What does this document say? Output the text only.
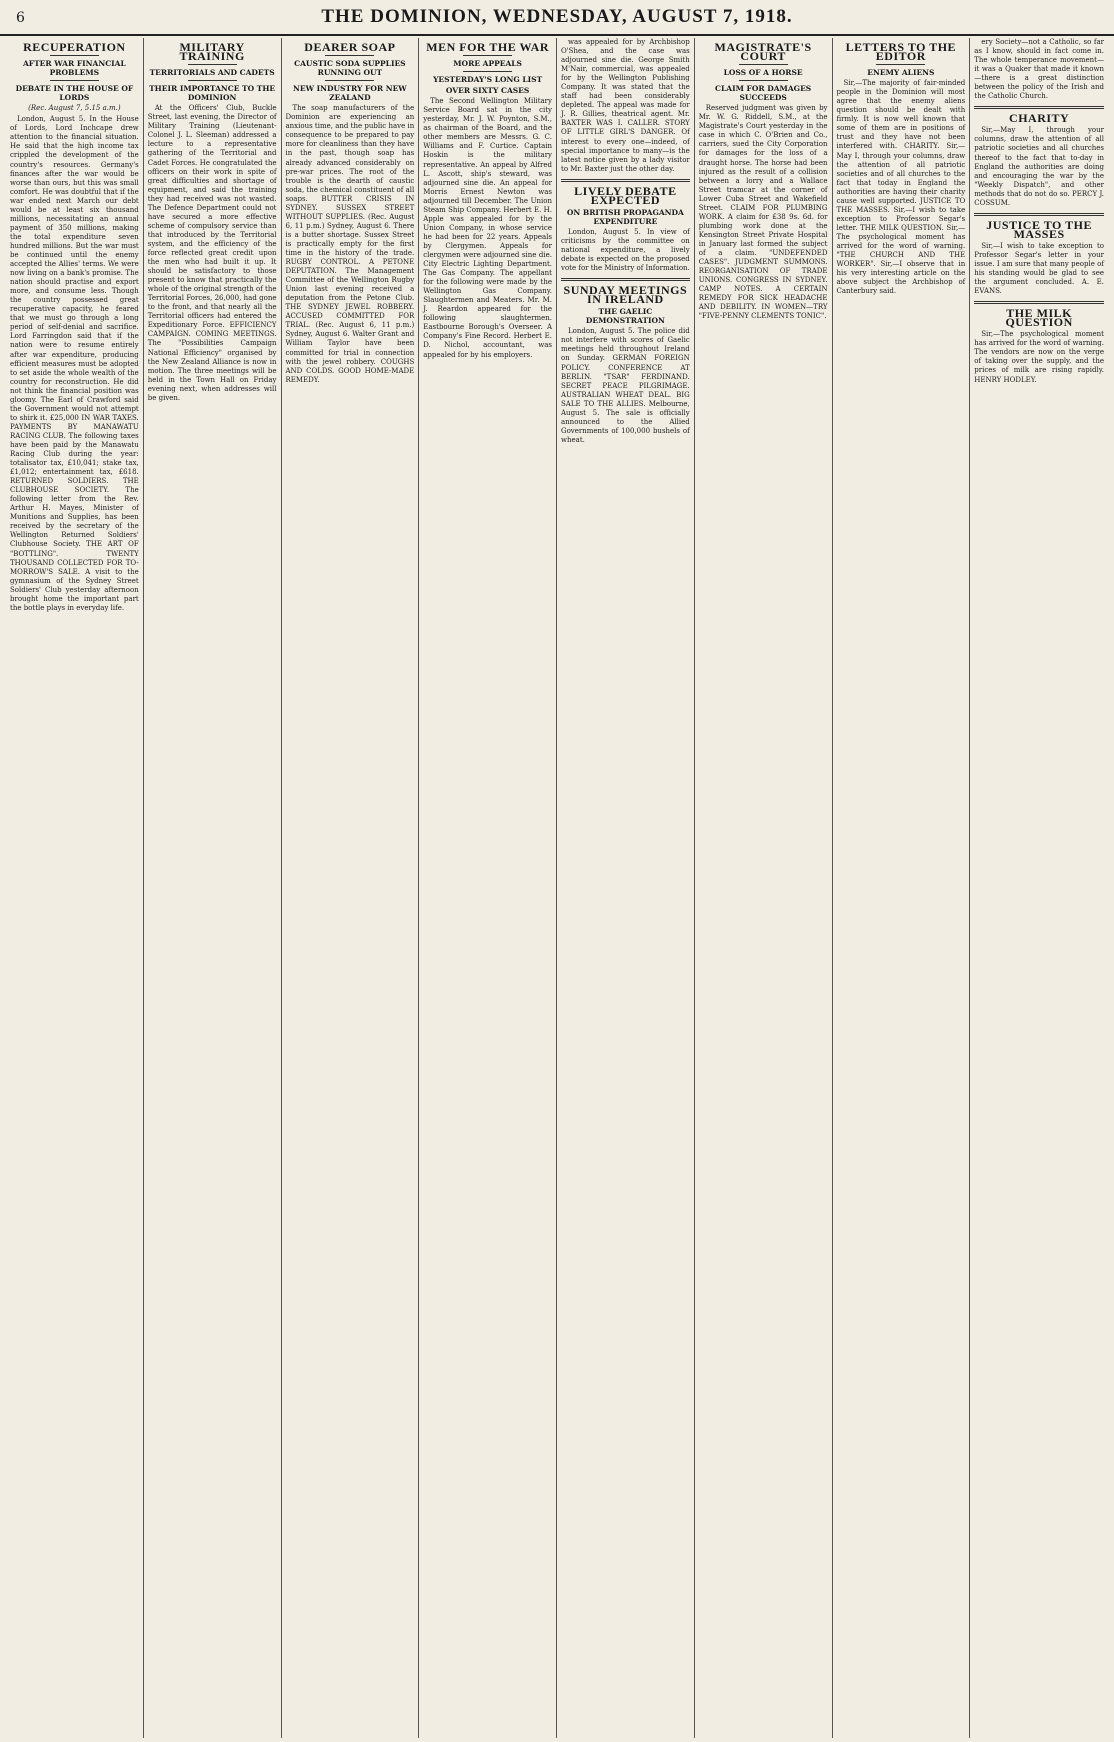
6	THE DOMINION, WEDNESDAY, AUGUST 7, 1918.
RECUPERATION
AFTER WAR FINANCIAL PROBLEMS
DEBATE IN THE HOUSE OF LORDS
(Rec. August 7, 5.15 a.m.)

London, August 5. In the House of Lords, Lord Inchcape drew attention to the financial situation. He said that the high income tax crippled the development of the country's resources. Germany's finances after the war would be worse than ours, but this was small comfort. He was doubtful that if the war ended next March our debt would be at least six thousand millions, necessitating an annual payment of 350 millions, making the total expenditure seven hundred millions. But the war must be continued until the enemy accepted the Allies' terms. We were now living on a bank's promise. The nation should practise and export more, and consume less. Though the country possessed great recuperative capacity, he feared that we must go through a long period of self-denial and sacrifice. Lord Farringdon said that if the nation were to resume entirely after war expenditure, producing efficient measures must be adopted to set aside the whole wealth of the country for reconstruction. He did not think the financial position was gloomy. The Earl of Crawford said the Government would not attempt to shirk it. £25,000 IN WAR TAXES. PAYMENTS BY MANAWATU RACING CLUB. The following taxes have been paid by the Manawatu Racing Club during the year: totalisator tax, £10,041; stake tax, £1,012; entertainment tax, £618. RETURNED SOLDIERS. THE CLUBHOUSE SOCIETY. The following letter from the Rev. Arthur H. Mayes, Minister of Munitions and Supplies, has been received by the secretary of the Wellington Returned Soldiers' Clubhouse Society. THE ART OF "BOTTLING". TWENTY THOUSAND COLLECTED FOR TO-MORROW'S SALE. A visit to the gymnasium of the Sydney Street Soldiers' Club yesterday afternoon brought home the important part the bottle plays in everyday life.

MILITARY TRAINING
TERRITORIALS AND CADETS
THEIR IMPORTANCE TO THE DOMINION

At the Officers' Club, Buckle Street, last evening, the Director of Military Training (Lieutenant-Colonel J. L. Sleeman) addressed a lecture to a representative gathering of the Territorial and Cadet Forces. He congratulated the officers on their work in spite of great difficulties and shortage of equipment, and said the training they had received was not wasted. The Defence Department could not have secured a more effective scheme of compulsory service than that introduced by the Territorial system, and the efficiency of the force reflected great credit upon the men who had built it up. It should be satisfactory to those present to know that practically the whole of the original strength of the Territorial Forces, 26,000, had gone to the front, and that nearly all the Territorial officers had entered the Expeditionary Force. EFFICIENCY CAMPAIGN. COMING MEETINGS. The "Possibilities Campaign National Efficiency" organised by the New Zealand Alliance is now in motion. The three meetings will be held in the Town Hall on Friday evening next, when addresses will be given.

DEARER SOAP
CAUSTIC SODA SUPPLIES RUNNING OUT
NEW INDUSTRY FOR NEW ZEALAND

The soap manufacturers of the Dominion are experiencing an anxious time, and the public have in consequence to be prepared to pay more for cleanliness than they have in the past, though soap has already advanced considerably on pre-war prices. The root of the trouble is the dearth of caustic soda, the chemical constituent of all soaps. BUTTER CRISIS IN SYDNEY. SUSSEX STREET WITHOUT SUPPLIES. (Rec. August 6, 11 p.m.) Sydney, August 6. There is a butter shortage. Sussex Street is practically empty for the first time in the history of the trade. RUGBY CONTROL. A PETONE DEPUTATION. The Management Committee of the Wellington Rugby Union last evening received a deputation from the Petone Club. THE SYDNEY JEWEL ROBBERY. ACCUSED COMMITTED FOR TRIAL. (Rec. August 6, 11 p.m.) Sydney, August 6. Walter Grant and William Taylor have been committed for trial in connection with the jewel robbery. COUGHS AND COLDS. GOOD HOME-MADE REMEDY.

MEN FOR THE WAR
MORE APPEALS
YESTERDAY'S LONG LIST
OVER SIXTY CASES

The Second Wellington Military Service Board sat in the city yesterday, Mr. J. W. Poynton, S.M., as chairman of the Board, and the other members are Messrs. G. C. Williams and F. Curtice. Captain Hoskin is the military representative. An appeal by Alfred L. Ascott, ship's steward, was adjourned sine die. An appeal for Morris Ernest Newton was adjourned till December. The Union Steam Ship Company. Herbert E. H. Apple was appealed for by the Union Company, in whose service he had been for 22 years. Appeals by Clergymen. Appeals for clergymen were adjourned sine die. City Electric Lighting Department. The Gas Company. The appellant for the following were made by the Wellington Gas Company. Slaughtermen and Meaters. Mr. M. J. Reardon appeared for the following slaughtermen. Eastbourne Borough's Overseer. A Company's Fine Record. Herbert E. D. Nichol, accountant, was appealed for by his employers.

was appealed for by Archbishop O'Shea, and the case was adjourned sine die. George Smith M'Nair, commercial, was appealed for by the Wellington Publishing Company. It was stated that the staff had been considerably depleted. The appeal was made for J. R. Gillies, theatrical agent. Mr. BAXTER WAS I. CALLER. STORY OF LITTLE GIRL'S DANGER. Of interest to every one—indeed, of special importance to many—is the latest notice given by a lady visitor to Mr. Baxter just the other day.

LIVELY DEBATE EXPECTED
ON BRITISH PROPAGANDA EXPENDITURE

London, August 5. In view of criticisms by the committee on national expenditure, a lively debate is expected on the proposed vote for the Ministry of Information.

SUNDAY MEETINGS IN IRELAND
THE GAELIC DEMONSTRATION

London, August 5. The police did not interfere with scores of Gaelic meetings held throughout Ireland on Sunday. GERMAN FOREIGN POLICY. CONFERENCE AT BERLIN. "TSAR" FERDINAND. SECRET PEACE PILGRIMAGE. AUSTRALIAN WHEAT DEAL. BIG SALE TO THE ALLIES. Melbourne, August 5. The sale is officially announced to the Allied Governments of 100,000 bushels of wheat.

MAGISTRATE'S COURT
LOSS OF A HORSE
CLAIM FOR DAMAGES SUCCEEDS

Reserved judgment was given by Mr. W. G. Riddell, S.M., at the Magistrate's Court yesterday in the case in which C. O'Brien and Co., carriers, sued the City Corporation for damages for the loss of a draught horse. The horse had been injured as the result of a collision between a lorry and a Wallace Street tramcar at the corner of Lower Cuba Street and Wakefield Street. CLAIM FOR PLUMBING WORK. A claim for £38 9s. 6d. for plumbing work done at the Kensington Street Private Hospital in January last formed the subject of a claim. "UNDEFENDED CASES". JUDGMENT SUMMONS. REORGANISATION OF TRADE UNIONS. CONGRESS IN SYDNEY. CAMP NOTES. A CERTAIN REMEDY FOR SICK HEADACHE AND DEBILITY. IN WOMEN—TRY "FIVE-PENNY CLEMENTS TONIC".

LETTERS TO THE EDITOR
ENEMY ALIENS

Sir,—The majority of fair-minded people in the Dominion will most agree that the enemy aliens question should be dealt with firmly. It is now well known that some of them are in positions of trust and they have not been interfered with. CHARITY. Sir,—May I, through your columns, draw the attention of all patriotic societies and of all churches to the fact that today in England the authorities are having their charity cause well supported. JUSTICE TO THE MASSES. Sir,—I wish to take exception to Professor Segar's letter. THE MILK QUESTION. Sir,—The psychological moment has arrived for the word of warning. "THE CHURCH AND THE WORKER". Sir,—I observe that in his very interesting article on the above subject the Archbishop of Canterbury said.

ery Society—not a Catholic, so far as I know, should in fact come in. The whole temperance movement—it was a Quaker that made it known—there is a great distinction between the policy of the Irish and the Catholic Church.

CHARITY

Sir,—May I, through your columns, draw the attention of all patriotic societies and all churches thereof to the fact that to-day in England the authorities are doing and encouraging the war by the "Weekly Dispatch", and other methods that do not do so. PERCY J. COSSUM.

JUSTICE TO THE MASSES

Sir,—I wish to take exception to Professor Segar's letter in your issue. I am sure that many people of his standing would be glad to see the argument concluded. A. E. EVANS.

THE MILK QUESTION

Sir,—The psychological moment has arrived for the word of warning. The vendors are now on the verge of taking over the supply, and the prices of milk are rising rapidly. HENRY HODLEY.
